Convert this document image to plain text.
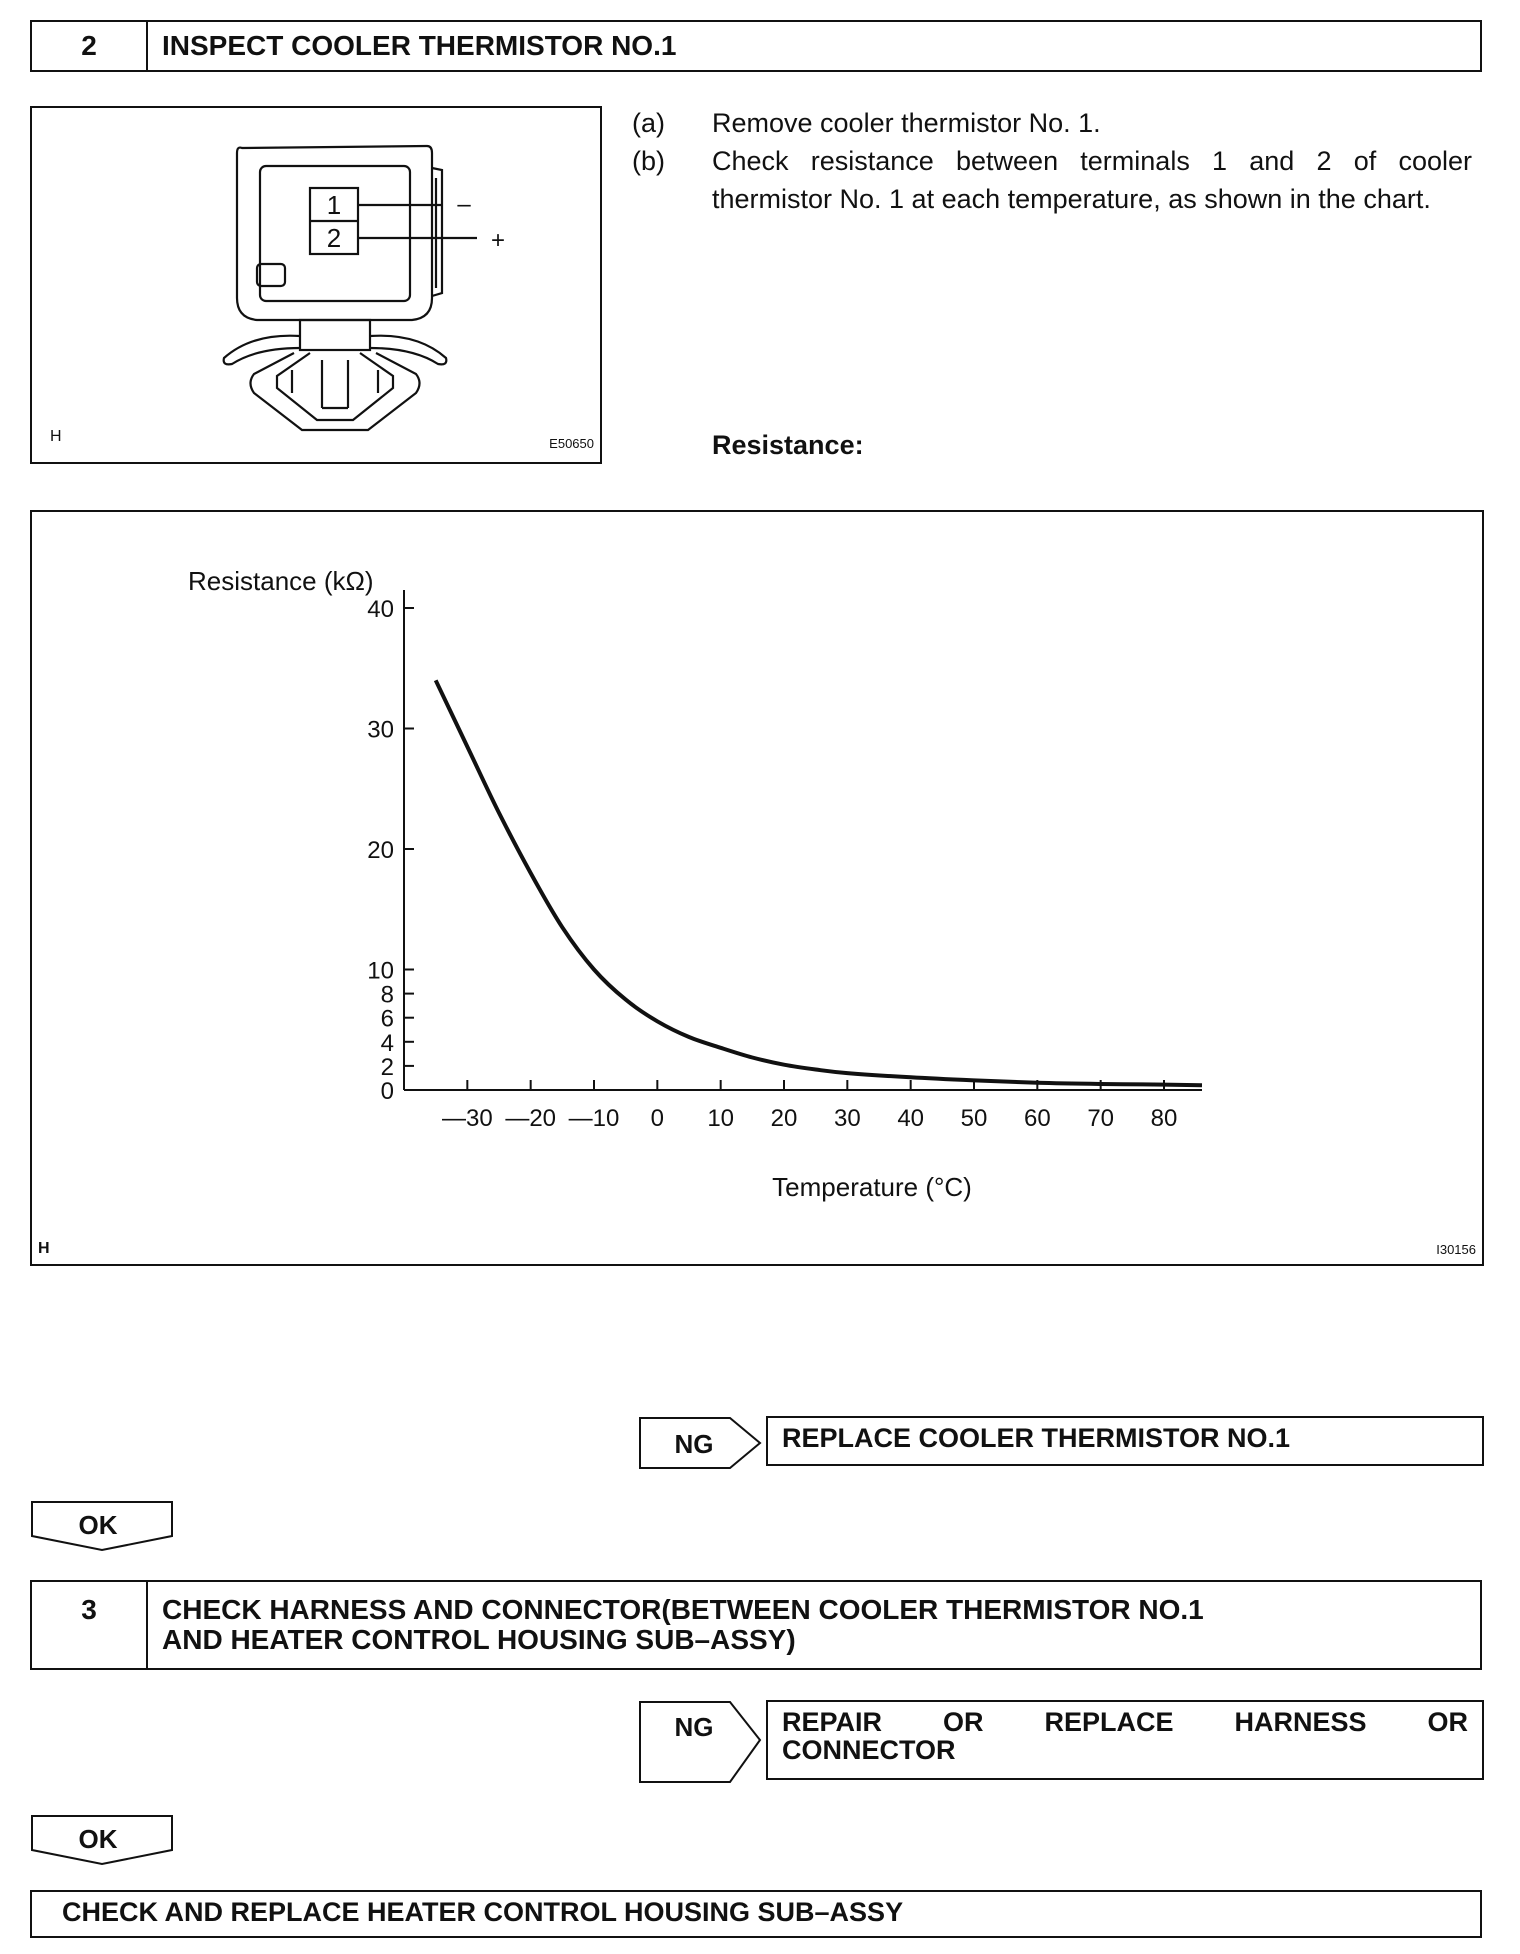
2	INSPECT COOLER THERMISTOR NO.1
1
2
–
+
H	E50650
(a) Remove cooler thermistor No. 1.
(b) Check resistance between terminals 1 and 2 of cooler thermistor No. 1 at each temperature, as shown in the chart.
Resistance:
0
2
4
6
8
10
20
30
40
—30 —20 —10 0 10 20 30 40 50 60 70 80
Resistance (kΩ)
Temperature (°C)
H	I30156
NG	REPLACE COOLER THERMISTOR NO.1
OK
3	CHECK HARNESS AND CONNECTOR(BETWEEN COOLER THERMISTOR NO.1
AND HEATER CONTROL HOUSING SUB–ASSY)
NG	REPAIR OR REPLACE HARNESS OR
CONNECTOR
OK
CHECK AND REPLACE HEATER CONTROL HOUSING SUB–ASSY
